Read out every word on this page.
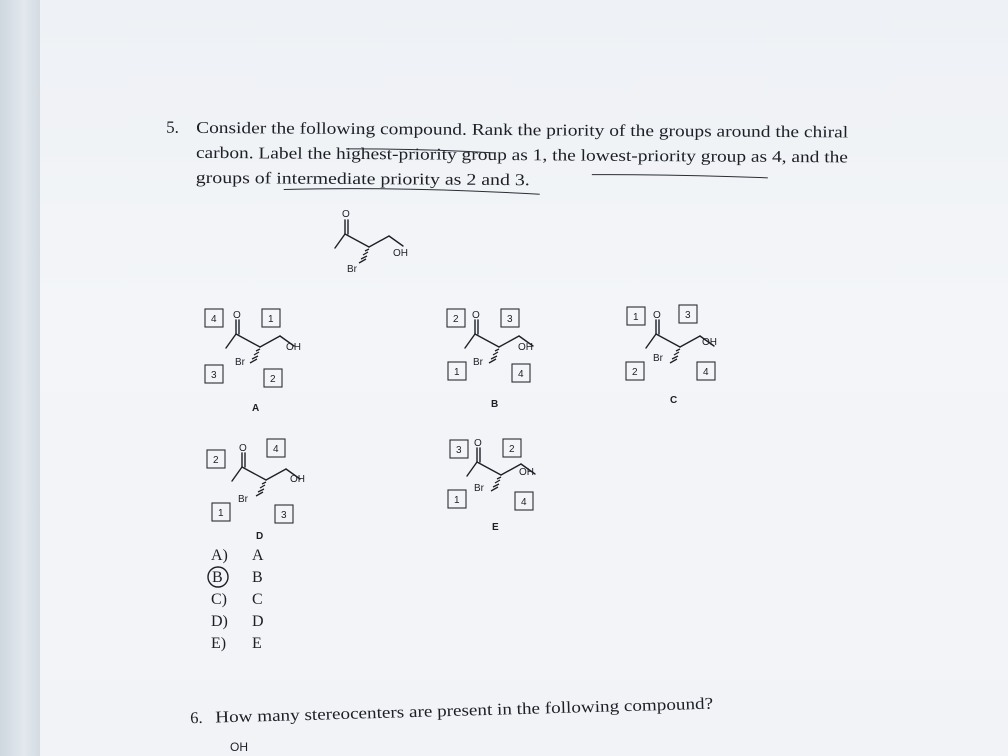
5. Consider the following compound. Rank the priority of the groups around the chiral
carbon. Label the highest-priority group as 1, the lowest-priority group as 4, and the
groups of intermediate priority as 2 and 3.
O
OH
Br
O
OH
Br
4	1
3	2
A
O
OH
Br
2	3
1	4
B
O
OH
Br
1	3
2	4
C
O
OH
Br
2
4
1	3
D
O
OH
Br
3	2
1	4
E
A) A
B B
C) C
D) D
E) E
6. How many stereocenters are present in the following compound?
OH
